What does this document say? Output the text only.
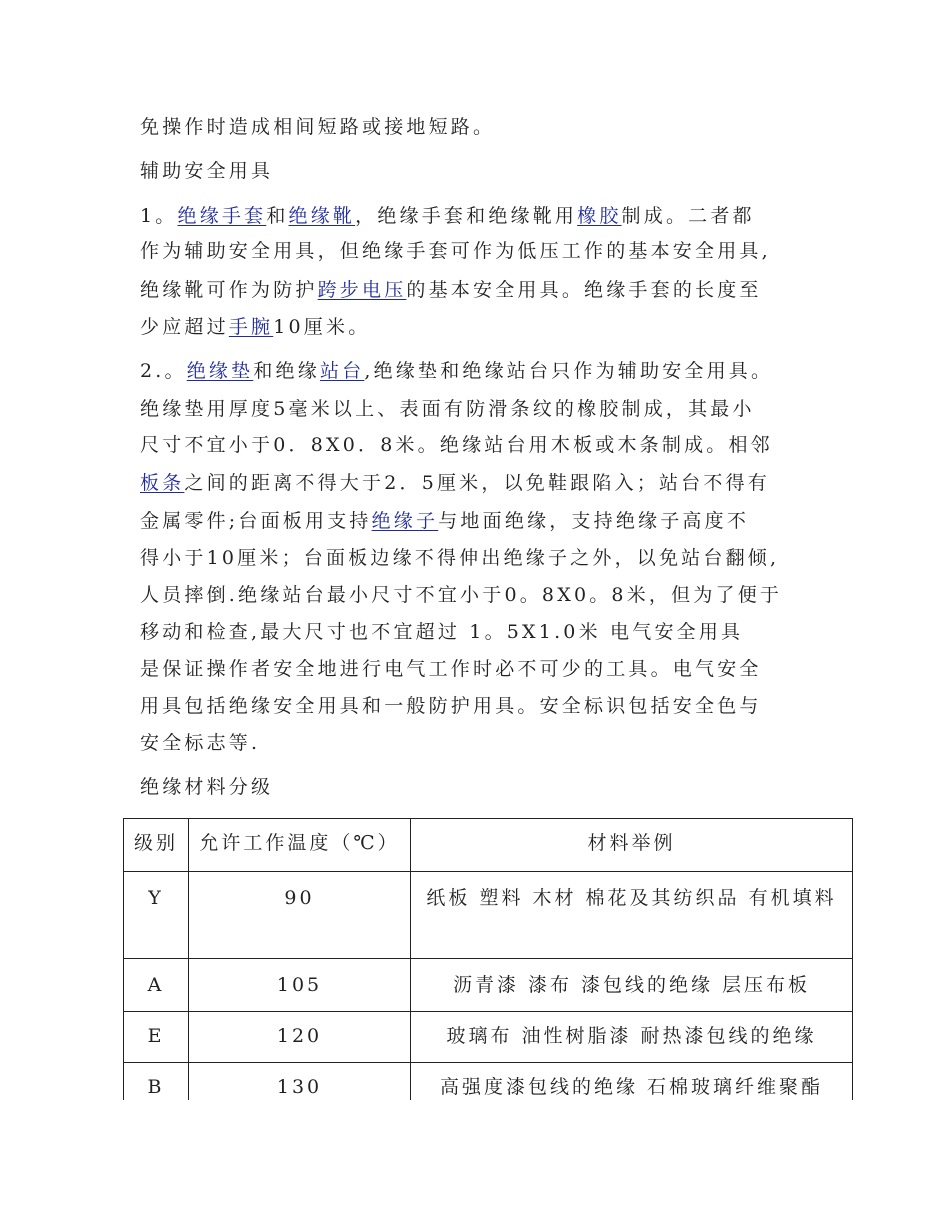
免操作时造成相间短路或接地短路。
辅助安全用具
1。绝缘手套和绝缘靴，绝缘手套和绝缘靴用橡胶制成。二者都
作为辅助安全用具，但绝缘手套可作为低压工作的基本安全用具,
绝缘靴可作为防护跨步电压的基本安全用具。绝缘手套的长度至
少应超过手腕10厘米。
2.。绝缘垫和绝缘站台,绝缘垫和绝缘站台只作为辅助安全用具。
绝缘垫用厚度5毫米以上、表面有防滑条纹的橡胶制成，其最小
尺寸不宜小于0．8X0．8米。绝缘站台用木板或木条制成。相邻
板条之间的距离不得大于2．5厘米，以免鞋跟陷入；站台不得有
金属零件;台面板用支持绝缘子与地面绝缘，支持绝缘子高度不
得小于10厘米；台面板边缘不得伸出绝缘子之外，以免站台翻倾,
人员摔倒.绝缘站台最小尺寸不宜小于0。8X0。8米，但为了便于
移动和检查,最大尺寸也不宜超过 1。5X1.0米 电气安全用具
是保证操作者安全地进行电气工作时必不可少的工具。电气安全
用具包括绝缘安全用具和一般防护用具。安全标识包括安全色与
安全标志等.
绝缘材料分级
级别	允许工作温度（℃）	材料举例
Y	90	纸板 塑料 木材 棉花及其纺织品 有机填料
A	105	沥青漆 漆布 漆包线的绝缘 层压布板
E	120	玻璃布 油性树脂漆 耐热漆包线的绝缘
B	130	高强度漆包线的绝缘 石棉玻璃纤维聚酯
